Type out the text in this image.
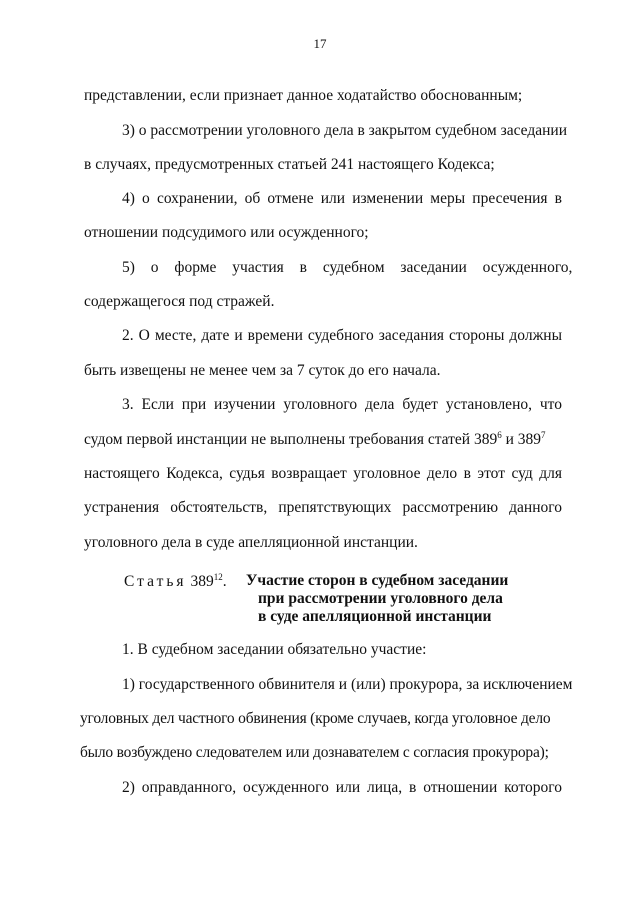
17
представлении, если признает данное ходатайство обоснованным;
3) о рассмотрении уголовного дела в закрытом судебном заседании
в случаях, предусмотренных статьей 241 настоящего Кодекса;
4) о сохранении, об отмене или изменении меры пресечения в
отношении подсудимого или осужденного;
5) о форме участия в судебном заседании осужденного,
содержащегося под стражей.
2. О месте, дате и времени судебного заседания стороны должны
быть извещены не менее чем за 7 суток до его начала.
3. Если при изучении уголовного дела будет установлено, что
судом первой инстанции не выполнены требования статей $389^6$ и $389^7$
настоящего Кодекса, судья возвращает уголовное дело в этот суд для
устранения обстоятельств, препятствующих рассмотрению данного
уголовного дела в суде апелляционной инстанции.
Статья $389^{12}$. Участие сторон в судебном заседании
при рассмотрении уголовного дела
в суде апелляционной инстанции
1. В судебном заседании обязательно участие:
1) государственного обвинителя и (или) прокурора, за исключением
уголовных дел частного обвинения (кроме случаев, когда уголовное дело
было возбуждено следователем или дознавателем с согласия прокурора);
2) оправданного, осужденного или лица, в отношении которого
